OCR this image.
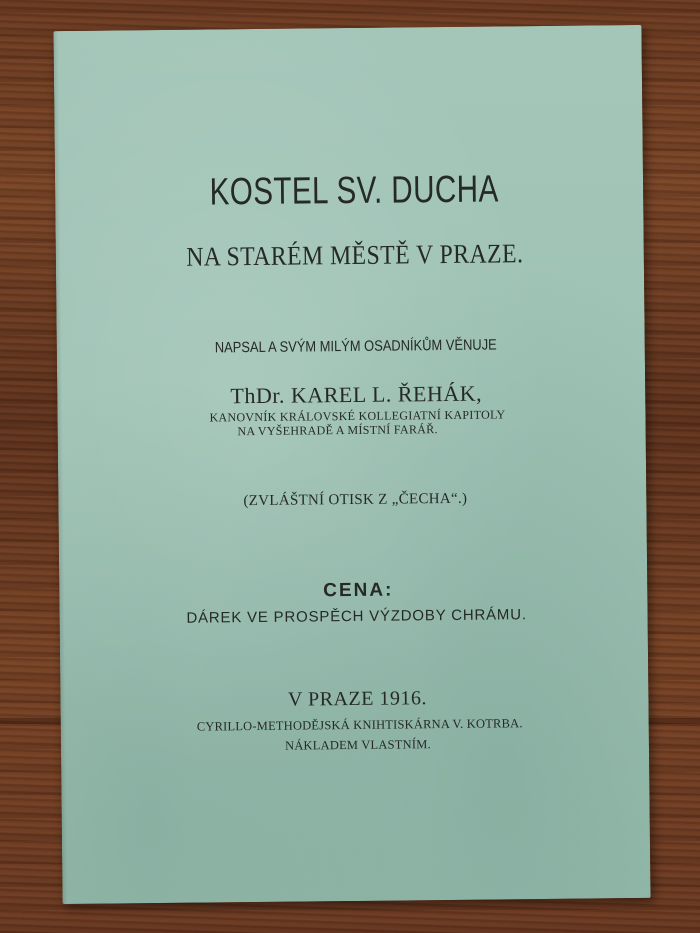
KOSTEL SV. DUCHA
NA STARÉM MĚSTĚ V PRAZE.
NAPSAL A SVÝM MILÝM OSADNÍKŮM VĚNUJE
ThDr. KAREL L. ŘEHÁK,
KANOVNÍK KRÁLOVSKÉ KOLLEGIATNÍ KAPITOLY
NA VYŠEHRADĚ A MÍSTNÍ FARÁŘ.
(ZVLÁŠTNÍ OTISK Z „ČECHA“.)
CENA:
DÁREK VE PROSPĚCH VÝZDOBY CHRÁMU.
V PRAZE 1916.
CYRILLO-METHODĚJSKÁ KNIHTISKÁRNA V. KOTRBA.
NÁKLADEM VLASTNÍM.
